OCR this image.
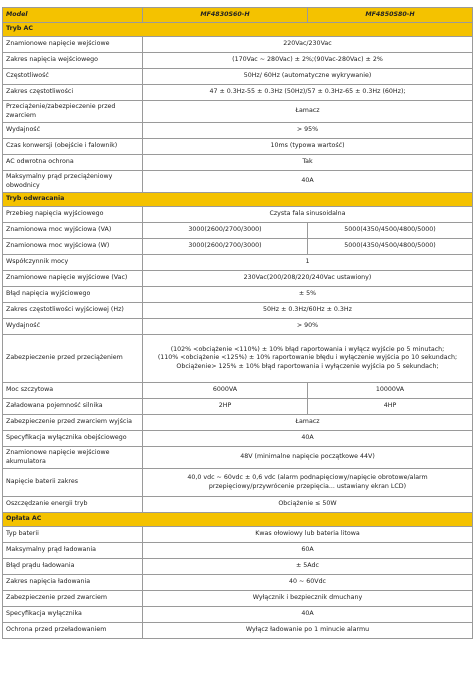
Model	MF4830S60-H	MF4850S80-H
Tryb AC		
Znamionowe napięcie wejściowe	220Vac/230Vac	
Zakres napięcia wejściowego	(170Vac ~ 280Vac) ± 2%;(90Vac-280Vac) ± 2%	
Częstotliwość	50Hz/ 60Hz (automatyczne wykrywanie)	
Zakres częstotliwości	47 ± 0.3Hz-55 ± 0.3Hz (50Hz)/57 ± 0.3Hz-65 ± 0.3Hz (60Hz);	
Przeciążenie/zabezpieczenie przed zwarciem	Łamacz	
Wydajność	> 95%	
Czas konwersji (obejście i falownik)	10ms (typowa wartość)	
AC odwrotna ochrona	Tak	
Maksymalny prąd przeciążeniowy obwodnicy	40A	
Tryb odwracania		
Przebieg napięcia wyjściowego	Czysta fala sinusoidalna	
Znamionowa moc wyjściowa (VA)	3000(2600/2700/3000)	5000(4350/4500/4800/5000)
Znamionowa moc wyjściowa (W)	3000(2600/2700/3000)	5000(4350/4500/4800/5000)
Współczynnik mocy	1	
Znamionowe napięcie wyjściowe (Vac)	230Vac(200/208/220/240Vac ustawiony)	
Błąd napięcia wyjściowego	± 5%	
Zakres częstotliwości wyjściowej (Hz)	50Hz ± 0.3Hz/60Hz ± 0.3Hz	
Wydajność	> 90%	
Zabezpieczenie przed przeciążeniem	(102% <obciążenie <110%) ± 10% błąd raportowania i wyłącz wyjście po 5 minutach;
(110% <obciążenie <125%) ± 10% raportowanie błędu i wyłączenie wyjścia po 10 sekundach;
Obciążenie> 125% ± 10% błąd raportowania i wyłączenie wyjścia po 5 sekundach;	
Moc szczytowa	6000VA	10000VA
Załadowana pojemność silnika	2HP	4HP
Zabezpieczenie przed zwarciem wyjścia	Łamacz	
Specyfikacja wyłącznika obejściowego	40A	
Znamionowe napięcie wejściowe akumulatora	48V (minimalne napięcie początkowe 44V)	
Napięcie baterii zakres	40,0 vdc ~ 60vdc ± 0,6 vdc (alarm podnapięciowy/napięcie obrotowe/alarm przepięciowy/przywrócenie przepięcia... ustawiany ekran LCD)	
Oszczędzanie energii tryb	Obciążenie ≤ 50W	
Opłata AC		
Typ baterii	Kwas ołowiowy lub bateria litowa	
Maksymalny prąd ładowania	60A	
Błąd prądu ładowania	± 5Adc	
Zakres napięcia ładowania	40 ~ 60Vdc	
Zabezpieczenie przed zwarciem	Wyłącznik i bezpiecznik dmuchany	
Specyfikacja wyłącznika	40A	
Ochrona przed przeładowaniem	Wyłącz ładowanie po 1 minucie alarmu	
